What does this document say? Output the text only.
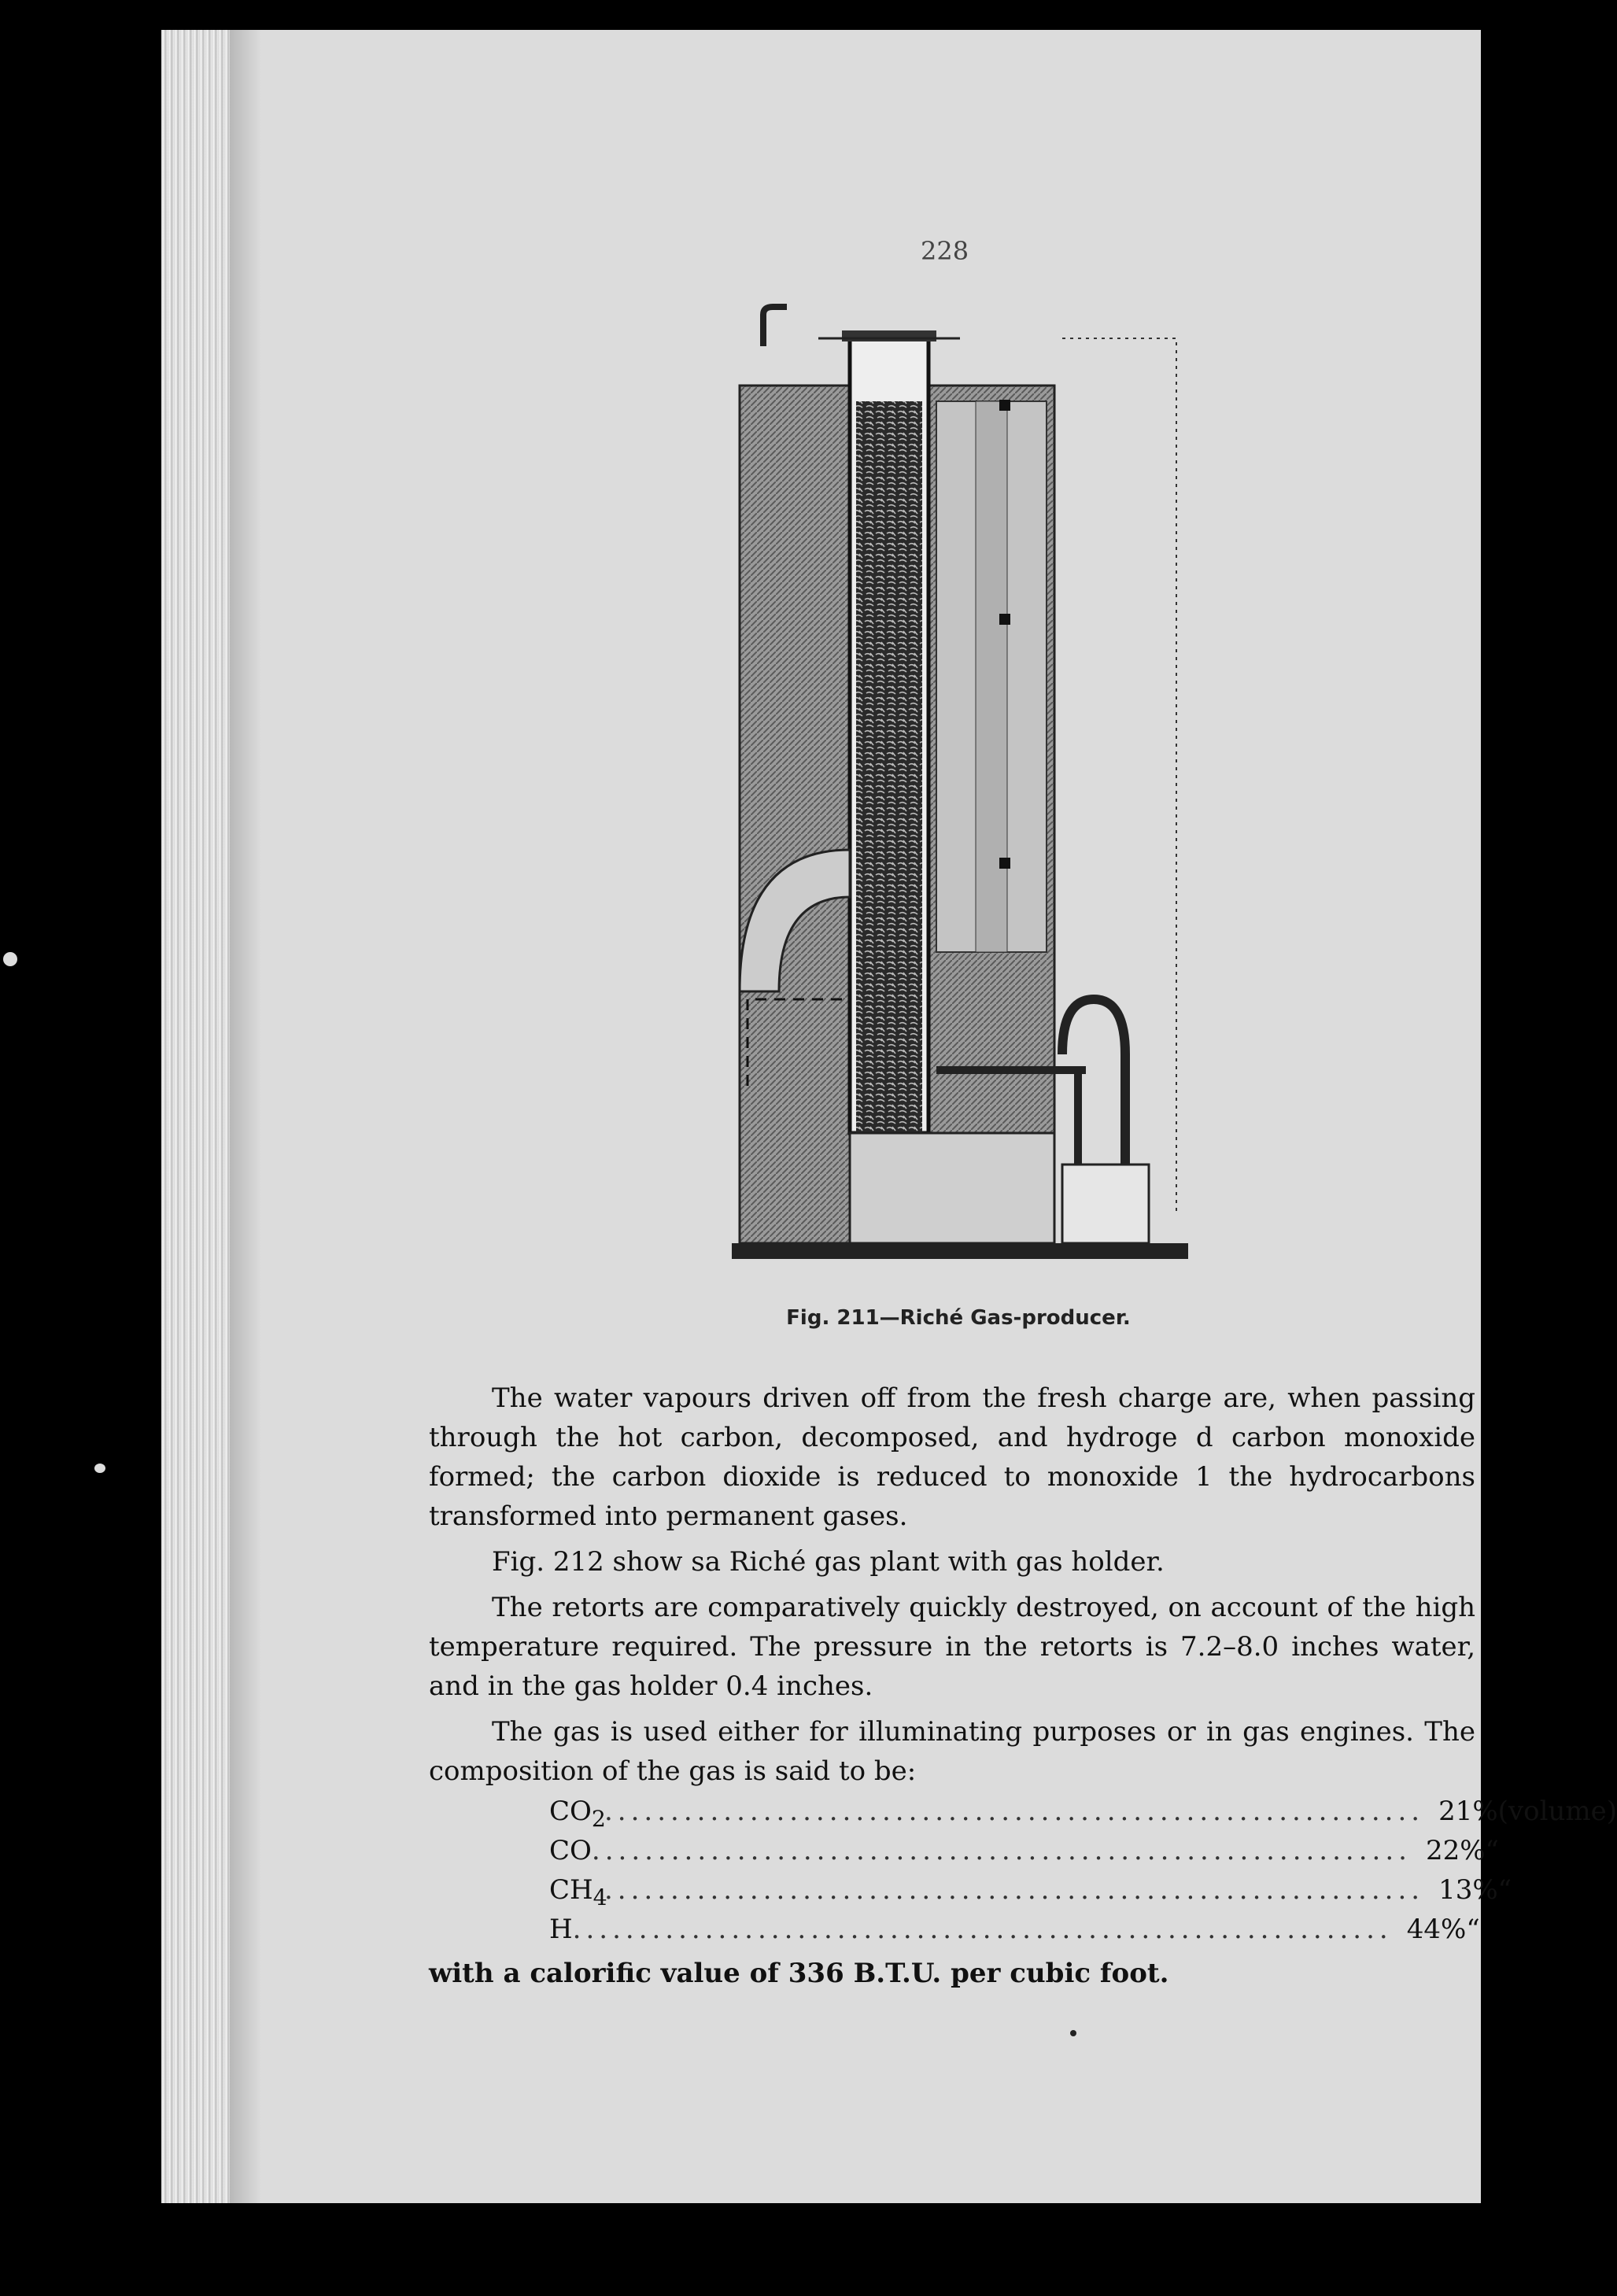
228
Fig. 211—Riché Gas-producer.

The water vapours driven off from the fresh charge are, when passing through the hot carbon, decomposed, and hydroge d carbon monoxide formed; the carbon dioxide is reduced to monoxide 1 the hydrocarbons transformed into permanent gases.

Fig. 212 show sa Riché gas plant with gas holder.

The retorts are comparatively quickly destroyed, on account of the high temperature required. The pressure in the retorts is 7.2–8.0 inches water, and in the gas holder 0.4 inches.

The gas is used either for illuminating purposes or in gas engines. The composition of the gas is said to be:

$CO_2$
.............................................................. 21% (volume)
CO .............................................................. 22% “
$CH_4$
.............................................................. 13% “
H .............................................................. 44% “
with a calorific value of 336 B.T.U. per cubic foot.
